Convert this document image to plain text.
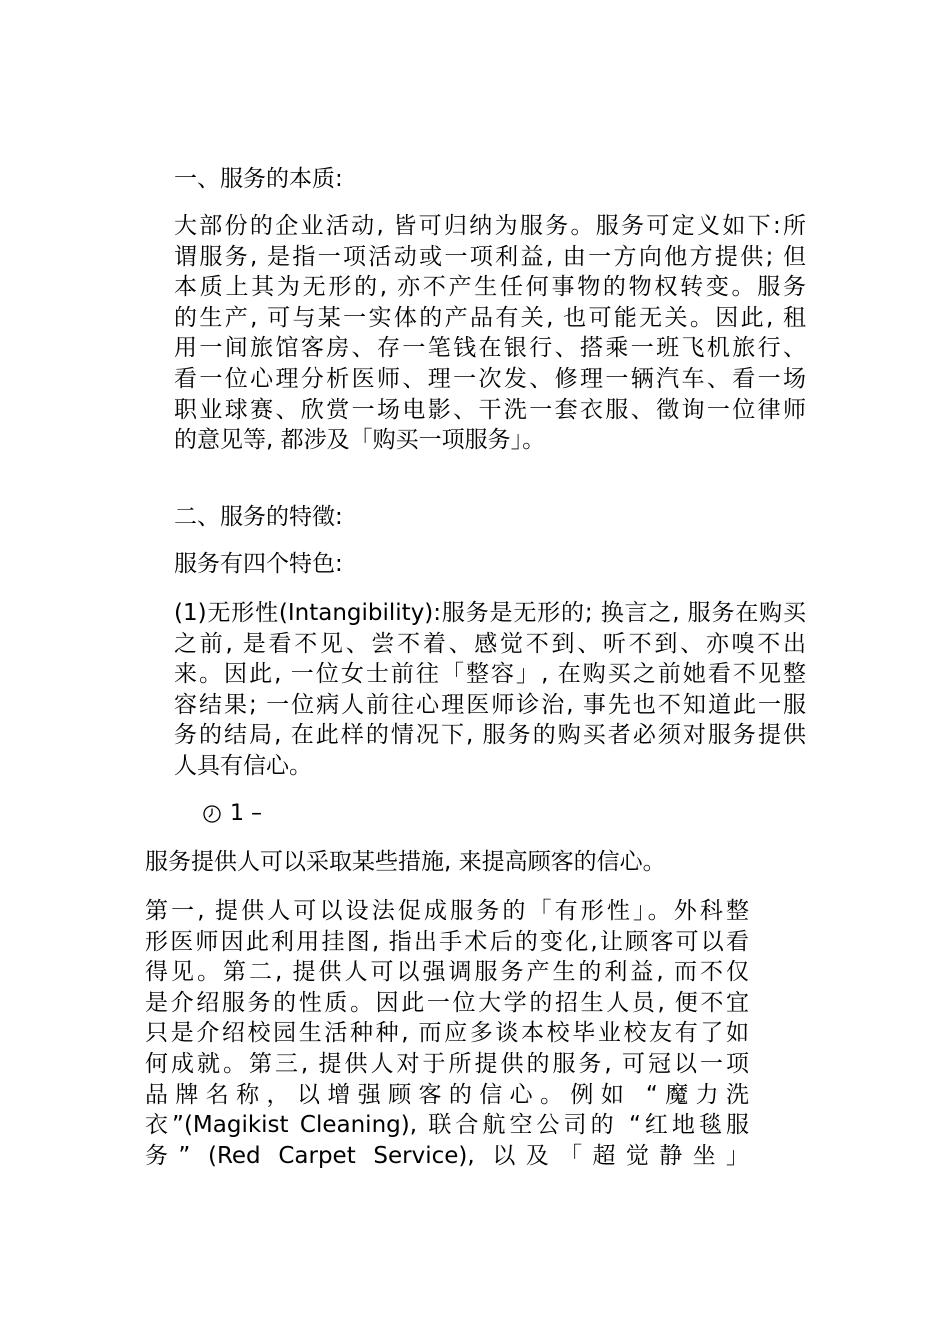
一、服务的本质:
大部份的企业活动, 皆可归纳为服务。服务可定义如下:所
谓服务, 是指一项活动或一项利益, 由一方向他方提供; 但
本质上其为无形的, 亦不产生任何事物的物权转变。服务
的生产, 可与某一实体的产品有关, 也可能无关。因此, 租
用一间旅馆客房、存一笔钱在银行、搭乘一班飞机旅行、
看一位心理分析医师、理一次发、修理一辆汽车、看一场
职业球赛、欣赏一场电影、干洗一套衣服、徵询一位律师
的意见等, 都涉及「购买一项服务」。
二、服务的特徵:
服务有四个特色:
(1)无形性(Intangibility):服务是无形的; 换言之, 服务在购买
之前, 是看不见、尝不着、感觉不到、听不到、亦嗅不出
来。因此, 一位女士前往「整容」, 在购买之前她看不见整
容结果; 一位病人前往心理医师诊治, 事先也不知道此一服
务的结局, 在此样的情况下, 服务的购买者必须对服务提供
人具有信心。
1 –
服务提供人可以采取某些措施, 来提高顾客的信心。
第一, 提供人可以设法促成服务的「有形性」。外科整
形医师因此利用挂图, 指出手术后的变化,让顾客可以看
得见。第二, 提供人可以强调服务产生的利益, 而不仅
是介绍服务的性质。因此一位大学的招生人员, 便不宜
只是介绍校园生活种种, 而应多谈本校毕业校友有了如
何成就。第三, 提供人对于所提供的服务, 可冠以一项
品牌名称，以增强顾客的信心。例如 “魔力洗
衣”(Magikist Cleaning), 联合航空公司的 “红地毯服
务” (Red Carpet Service), 以及「超觉静坐」
